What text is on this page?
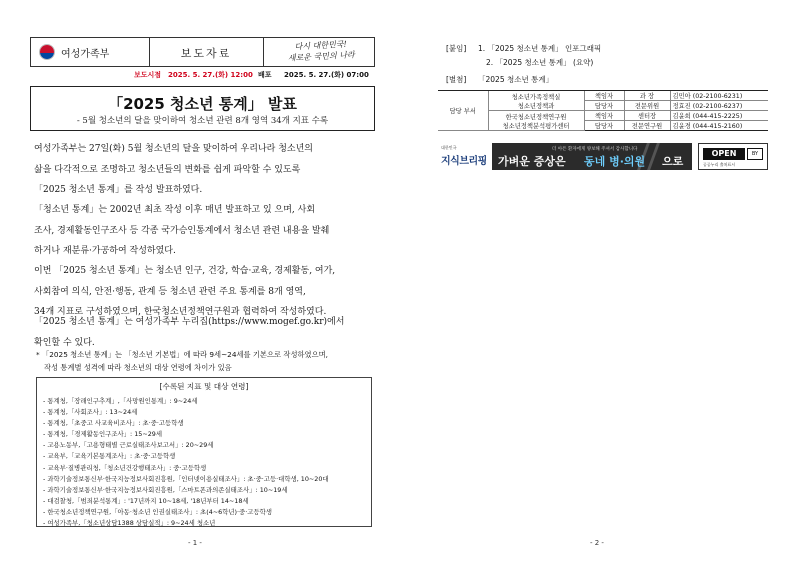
여성가족부	보도자료
다시 대한민국!
새로운 국민의 나라
보도시점 2025. 5. 27.(화) 12:00 배포 2025. 5. 27.(화) 07:00
「2025 청소년 통계」 발표
- 5월 청소년의 달을 맞이하여 청소년 관련 8개 영역 34개 지표 수록
여성가족부는 27일(화) 5월 청소년의 달을 맞이하여 우리나라 청소년의
삶을 다각적으로 조명하고 청소년들의 변화를 쉽게 파악할 수 있도록
「2025 청소년 통계」를 작성 발표하였다.
「청소년 통계」는 2002년 최초 작성 이후 매년 발표하고 있 으며, 사회
조사, 경제활동인구조사 등 각종 국가승인통계에서 청소년 관련 내용을 발췌
하거나 재분류·가공하여 작성하였다.
이번 「2025 청소년 통계」는 청소년 인구, 건강, 학습·교육, 경제활동, 여가,
사회참여 의식, 안전·행동, 관계 등 청소년 관련 주요 통계를 8개 영역,
34개 지표로 구성하였으며, 한국청소년정책연구원과 협력하여 작성하였다.
「2025 청소년 통계」는 여성가족부 누리집(https://www.mogef.go.kr)에서
확인할 수 있다.
* 「2025 청소년 통계」는 「청소년 기본법」에 따라 9세~24세를 기본으로 작성하였으며,
작성 통계별 성격에 따라 청소년의 대상 연령에 차이가 있음
[수록된 지표 및 대상 연령]
- 통계청,「장래인구추계」,「사망원인통계」: 9~24세
- 통계청,「사회조사」: 13~24세
- 통계청,「초중고 사교육비조사」: 초·중·고등학생
- 통계청,「경제활동인구조사」: 15~29세
- 고용노동부,「고용형태별 근로실태조사보고서」: 20~29세
- 교육부,「교육기본통계조사」: 초·중·고등학생
- 교육부·질병관리청,「청소년건강행태조사」: 중·고등학생
- 과학기술정보통신부·한국지능정보사회진흥원,「인터넷이용실태조사」: 초·중·고등·대학생, 10~20대
- 과학기술정보통신부·한국지능정보사회진흥원,「스마트폰과의존실태조사」: 10~19세
- 대검찰청,「범죄분석통계」: '17년까지 10~18세, '18년부터 14~18세
- 한국청소년정책연구원,「아동·청소년 인권실태조사」: 초(4~6학년)·중·고등학생
- 여성가족부,「청소년상담1388 상담실적」: 9~24세 청소년
- 1 -
[붙임] 1. 「2025 청소년 통계」 인포그래픽
2. 「2025 청소년 통계」 (요약)
[별첨] 「2025 청소년 통계」
담당 부서	청소년가족정책실
청소년정책과	책임자	과 장	김민아 (02-2100-6231)
		담당자	전문위원	정효진 (02-2100-6237)

	한국청소년정책연구원
청소년정책분석평가센터	책임자	센터장	김윤희 (044-415-2225)
		담당자	전문연구원	김윤경 (044-415-2160)
대한민국
지식브리핑
더 아픈 환자에게 양보해 주셔서 감사합니다
가벼운 증상은 동네 병·의원 으로
OPEN	BY
공공누리 출처표시
- 2 -
